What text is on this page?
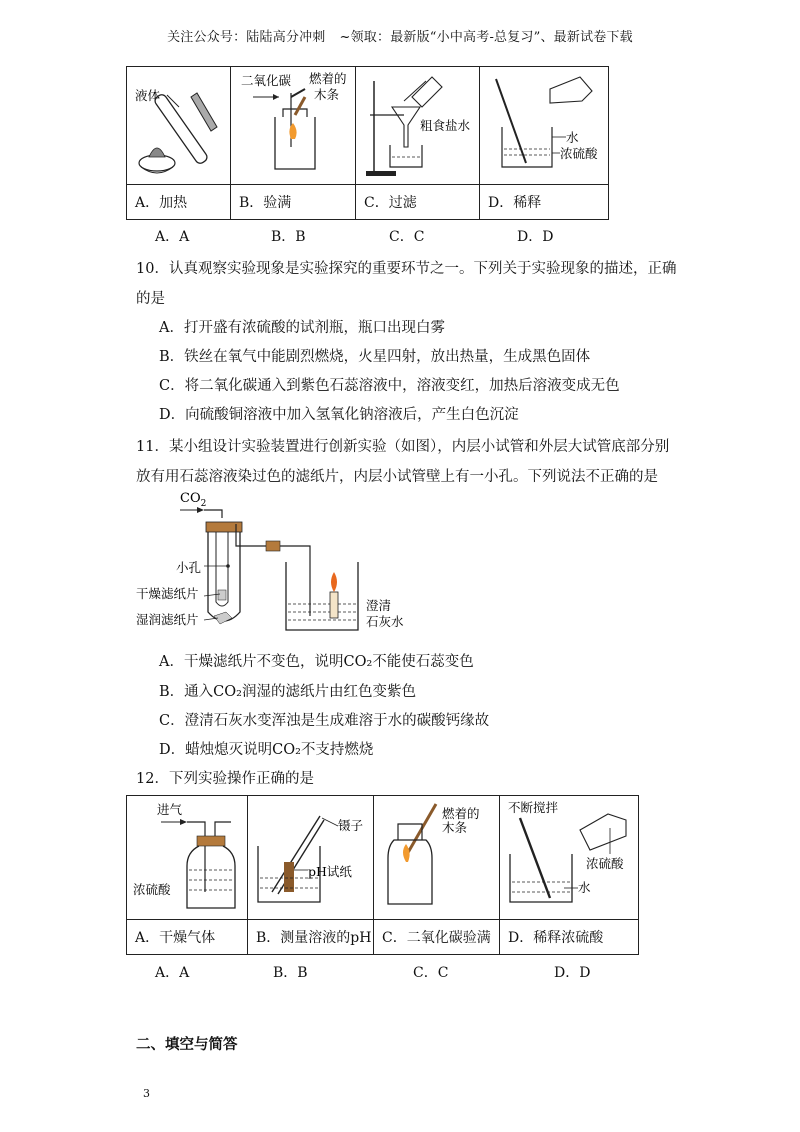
关注公众号：陆陆高分冲刺 ~领取：最新版“小中高考-总复习”、最新试卷下载
液体	二氧化碳 燃着的
木条	粗食盐水	水
浓硫酸

A．加热	B．验满	C．过滤	D．稀释
A．A	B．B	C．C	D．D
10．认真观察实验现象是实验探究的重要环节之一。下列关于实验现象的描述，正确
的是
A．打开盛有浓硫酸的试剂瓶，瓶口出现白雾
B．铁丝在氧气中能剧烈燃烧，火星四射，放出热量，生成黑色固体
C．将二氧化碳通入到紫色石蕊溶液中，溶液变红，加热后溶液变成无色
D．向硫酸铜溶液中加入氢氧化钠溶液后，产生白色沉淀
11．某小组设计实验装置进行创新实验（如图），内层小试管和外层大试管底部分别
放有用石蕊溶液染过色的滤纸片，内层小试管壁上有一小孔。下列说法不正确的是
$CO_2$
小孔
干燥滤纸片
湿润滤纸片
澄清
石灰水
A．干燥滤纸片不变色，说明CO₂不能使石蕊变色
B．通入CO₂润湿的滤纸片由红色变紫色
C．澄清石灰水变浑浊是生成难溶于水的碳酸钙缘故
D．蜡烛熄灭说明CO₂不支持燃烧
12．下列实验操作正确的是
进气
浓硫酸	镊子
pH试纸	燃着的
木条	不断搅拌
浓硫酸
水

A．干燥气体	B．测量溶液的pH	C．二氧化碳验满	D．稀释浓硫酸
A．A	B．B	C．C	D．D
二、填空与简答
3
